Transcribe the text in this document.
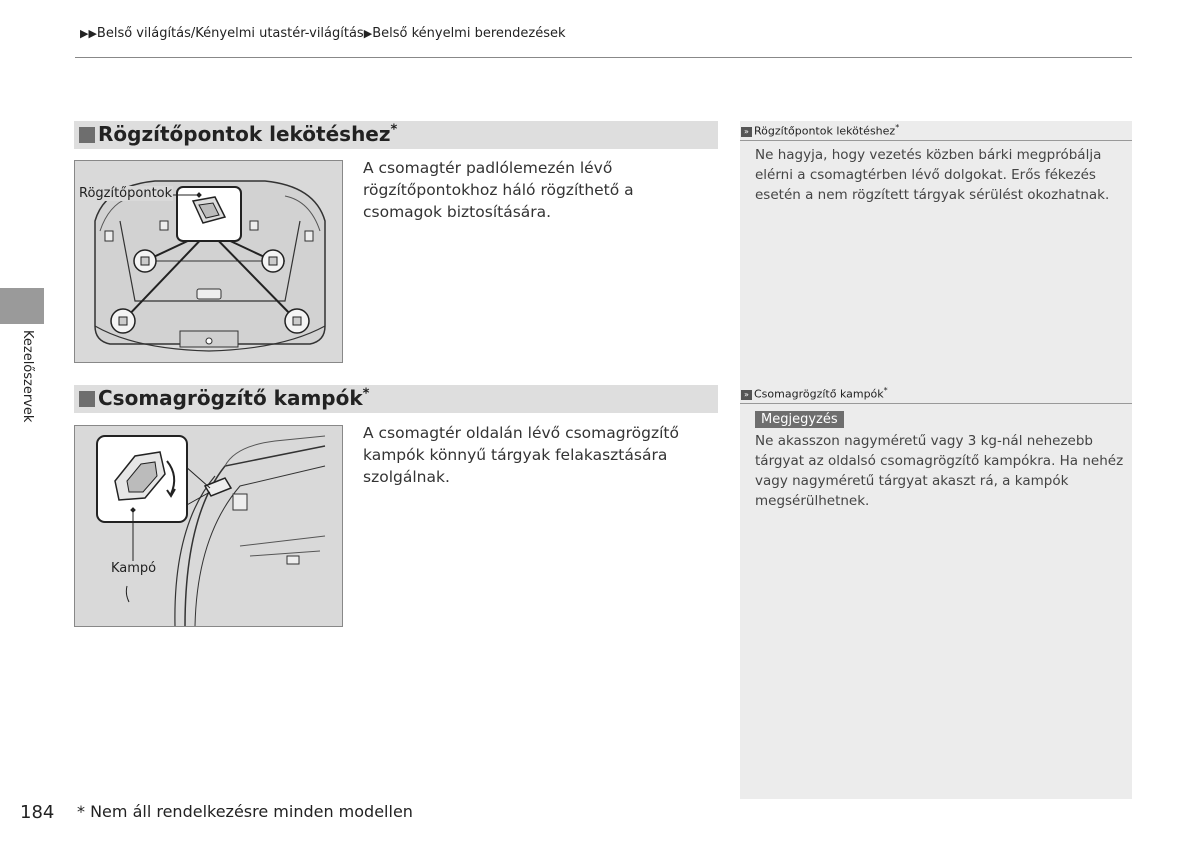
▶▶Belső világítás/Kényelmi utastér-világítás▶Belső kényelmi berendezések
Kezelőszervek
Rögzítőpontok lekötéshez*
Rögzítőpontok
A csomagtér padlólemezén lévő rögzítőpontokhoz háló rögzíthető a csomagok biztosítására.
Csomagrögzítő kampók*
Kampó
A csomagtér oldalán lévő csomagrögzítő kampók könnyű tárgyak felakasztására szolgálnak.
» Rögzítőpontok lekötéshez*
Ne hagyja, hogy vezetés közben bárki megpróbálja elérni a csomagtérben lévő dolgokat. Erős fékezés esetén a nem rögzített tárgyak sérülést okozhatnak.
» Csomagrögzítő kampók*
Megjegyzés
Ne akasszon nagyméretű vagy 3 kg-nál nehezebb tárgyat az oldalsó csomagrögzítő kampókra. Ha nehéz vagy nagyméretű tárgyat akaszt rá, a kampók megsérülhetnek.
184 * Nem áll rendelkezésre minden modellen
